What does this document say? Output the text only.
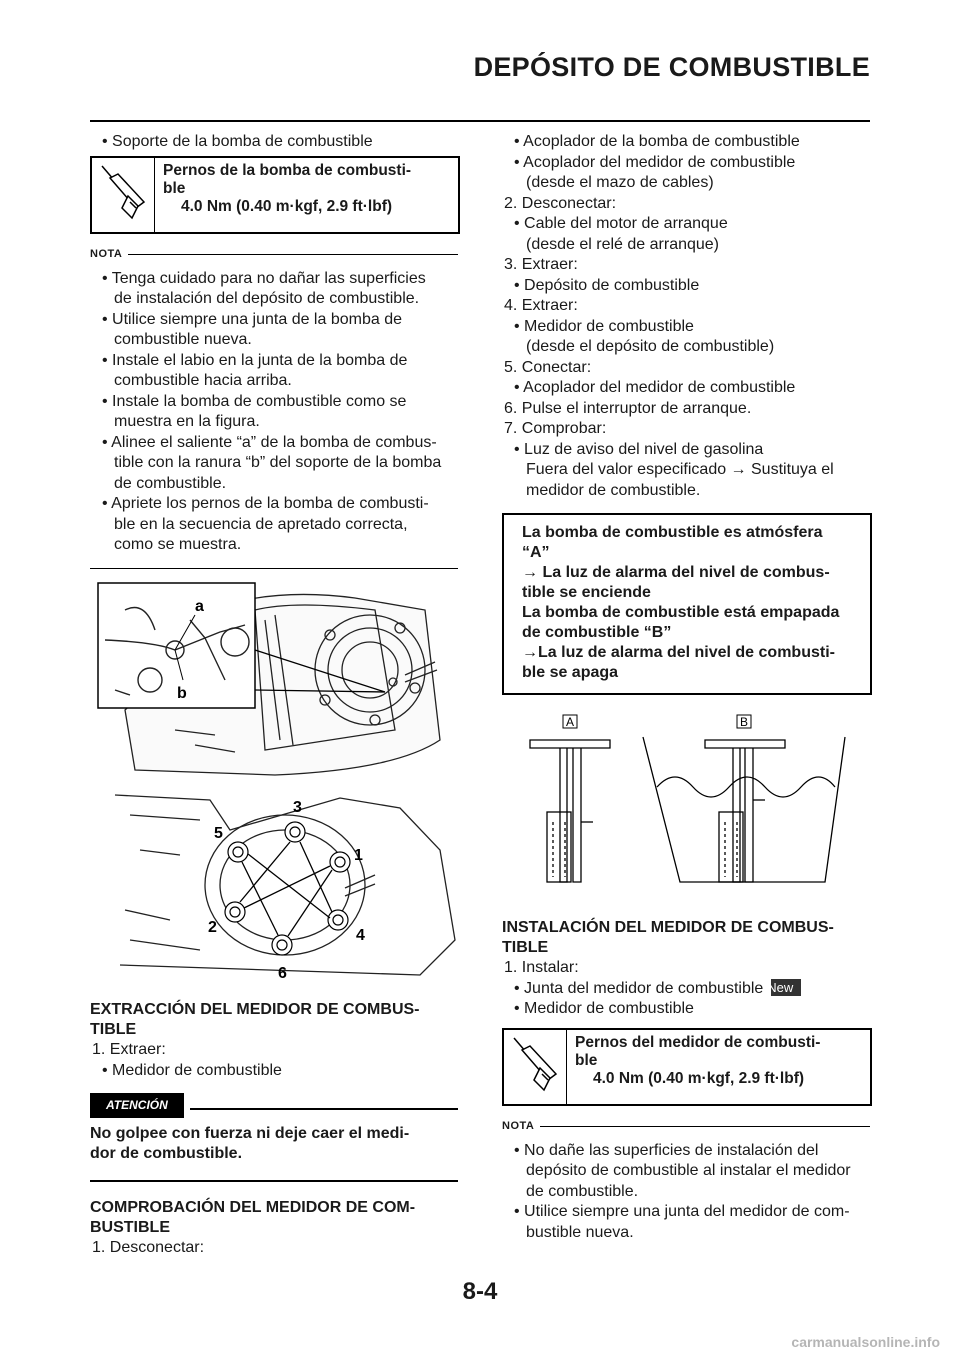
DEPÓSITO DE COMBUSTIBLE

• Soporte de la bomba de combustible

Pernos de la bomba de combusti-
ble
4.0 Nm (0.40 m·kgf, 2.9 ft·lbf)
NOTA

• Tenga cuidado para no dañar las superficies

de instalación del depósito de combustible.

• Utilice siempre una junta de la bomba de

combustible nueva.

• Instale el labio en la junta de la bomba de

combustible hacia arriba.

• Instale la bomba de combustible como se

muestra en la figura.

• Alinee el saliente “a” de la bomba de combus-

tible con la ranura “b” del soporte de la bomba

de combustible.

• Apriete los pernos de la bomba de combusti-

ble en la secuencia de apretado correcta,

como se muestra.

a
b
3
5
1
2	4
6
EXTRACCIÓN DEL MEDIDOR DE COMBUS-
TIBLE

1. Extraer:

• Medidor de combustible

ATENCIÓN
No golpee con fuerza ni deje caer el medi-
dor de combustible.
COMPROBACIÓN DEL MEDIDOR DE COM-
BUSTIBLE

1. Desconectar:

• Acoplador de la bomba de combustible

• Acoplador del medidor de combustible

(desde el mazo de cables)

2. Desconectar:

• Cable del motor de arranque

(desde el relé de arranque)

3. Extraer:

• Depósito de combustible

4. Extraer:

• Medidor de combustible

(desde el depósito de combustible)

5. Conectar:

• Acoplador del medidor de combustible

6. Pulse el interruptor de arranque.

7. Comprobar:

• Luz de aviso del nivel de gasolina

Fuera del valor especificado → Sustituya el

medidor de combustible.

La bomba de combustible es atmósfera
“A”
→ La luz de alarma del nivel de combus-
tible se enciende
La bomba de combustible está empapada
de combustible “B”
→La luz de alarma del nivel de combusti-
ble se apaga
A	B
INSTALACIÓN DEL MEDIDOR DE COMBUS-
TIBLE

1. Instalar:

• Junta del medidor de combustible New

• Medidor de combustible

Pernos del medidor de combusti-
ble
4.0 Nm (0.40 m·kgf, 2.9 ft·lbf)
NOTA

• No dañe las superficies de instalación del

depósito de combustible al instalar el medidor

de combustible.

• Utilice siempre una junta del medidor de com-

bustible nueva.

8-4
carmanualsonline.info
